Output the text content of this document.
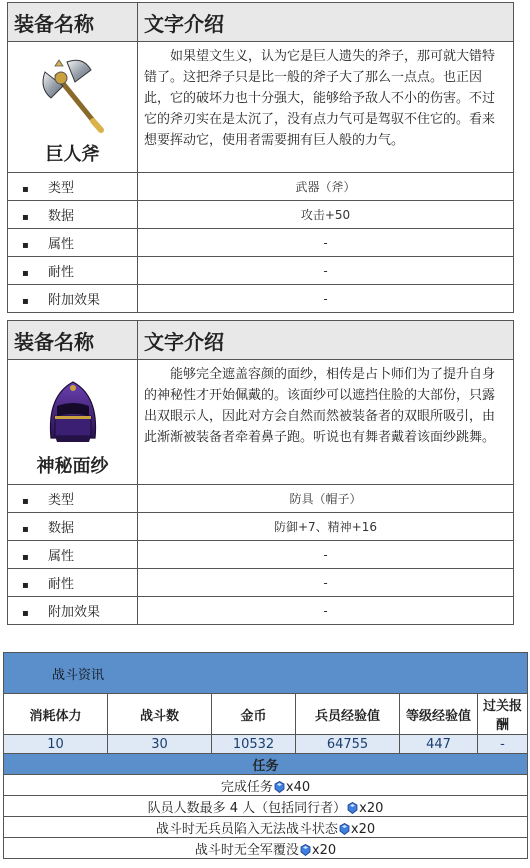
装备名称	文字介绍

巨人斧	如果望文生义，认为它是巨人遗失的斧子，那可就大错特错了。这把斧子只是比一般的斧子大了那么一点点。也正因此，它的破坏力也十分强大，能够给予敌人不小的伤害。不过它的斧刃实在是太沉了，没有点力气可是驾驭不住它的。看来想要挥动它，使用者需要拥有巨人般的力气。
▪ 类型	武器（斧）
▪ 数据	攻击+50
▪ 属性	-
▪ 耐性	-
▪ 附加效果	-
装备名称	文字介绍

神秘面纱	能够完全遮盖容颜的面纱，相传是占卜师们为了提升自身的神秘性才开始佩戴的。该面纱可以遮挡住脸的大部份，只露出双眼示人，因此对方会自然而然被装备者的双眼所吸引，由此渐渐被装备者牵着鼻子跑。听说也有舞者戴着该面纱跳舞。
▪ 类型	防具（帽子）
▪ 数据	防御+7、精神+16
▪ 属性	-
▪ 耐性	-
▪ 附加效果	-
战斗资讯					
消耗体力	战斗数	金币	兵员经验值	等级经验值	过关报酬
10	30	10532	64755	447	-
任务					
完成任务 x40					
队员人数最多 4 人（包括同行者） x20					
战斗时无兵员陷入无法战斗状态 x20					
战斗时无全军覆没 x20					
